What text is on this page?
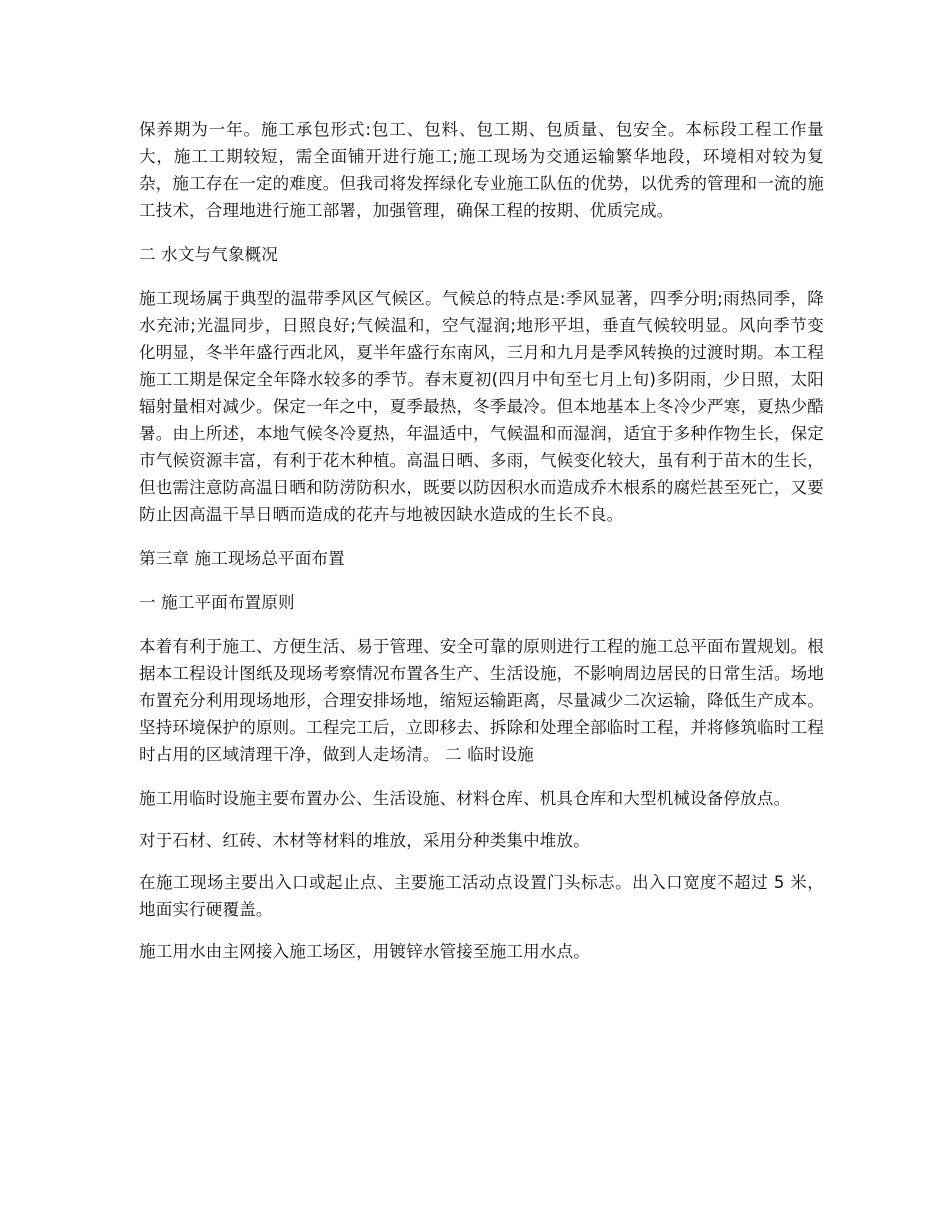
保养期为一年。施工承包形式:包工、包料、包工期、包质量、包安全。本标段工程工作量大，施工工期较短，需全面铺开进行施工;施工现场为交通运输繁华地段，环境相对较为复杂，施工存在一定的难度。但我司将发挥绿化专业施工队伍的优势，以优秀的管理和一流的施工技术，合理地进行施工部署，加强管理，确保工程的按期、优质完成。

二 水文与气象概况

施工现场属于典型的温带季风区气候区。气候总的特点是:季风显著，四季分明;雨热同季，降水充沛;光温同步，日照良好;气候温和，空气湿润;地形平坦，垂直气候较明显。风向季节变化明显，冬半年盛行西北风，夏半年盛行东南风，三月和九月是季风转换的过渡时期。本工程施工工期是保定全年降水较多的季节。春末夏初(四月中旬至七月上旬)多阴雨，少日照，太阳辐射量相对减少。保定一年之中，夏季最热，冬季最冷。但本地基本上冬冷少严寒，夏热少酷暑。由上所述，本地气候冬冷夏热，年温适中，气候温和而湿润，适宜于多种作物生长，保定市气候资源丰富，有利于花木种植。高温日晒、多雨，气候变化较大，虽有利于苗木的生长，但也需注意防高温日晒和防涝防积水，既要以防因积水而造成乔木根系的腐烂甚至死亡，又要防止因高温干旱日晒而造成的花卉与地被因缺水造成的生长不良。

第三章 施工现场总平面布置

一 施工平面布置原则

本着有利于施工、方便生活、易于管理、安全可靠的原则进行工程的施工总平面布置规划。根据本工程设计图纸及现场考察情况布置各生产、生活设施，不影响周边居民的日常生活。场地布置充分利用现场地形，合理安排场地，缩短运输距离，尽量减少二次运输，降低生产成本。坚持环境保护的原则。工程完工后，立即移去、拆除和处理全部临时工程，并将修筑临时工程时占用的区域清理干净，做到人走场清。 二 临时设施

施工用临时设施主要布置办公、生活设施、材料仓库、机具仓库和大型机械设备停放点。

对于石材、红砖、木材等材料的堆放，采用分种类集中堆放。

在施工现场主要出入口或起止点、主要施工活动点设置门头标志。出入口宽度不超过 5 米，地面实行硬覆盖。

施工用水由主网接入施工场区，用镀锌水管接至施工用水点。
